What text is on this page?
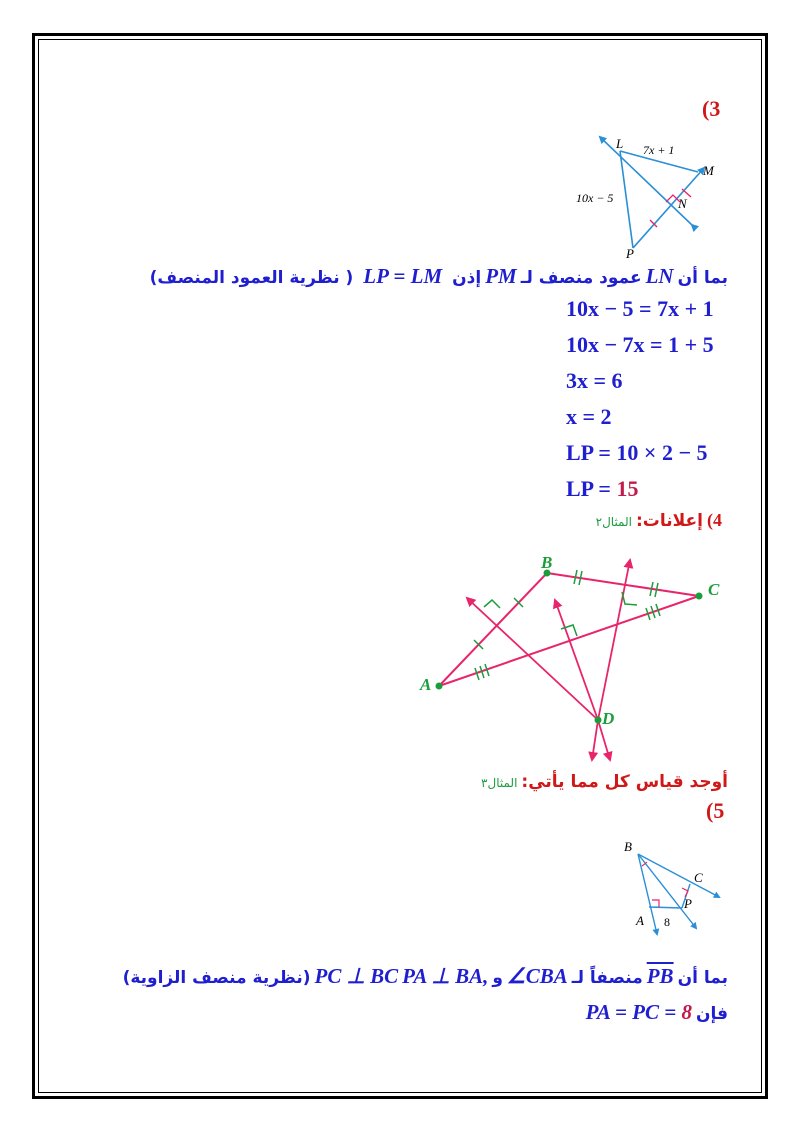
(3
L 7x + 1
M
N
10x − 5
P
بما أن LN عمود منصف لـ PM إذن LP = LM ( نظرية العمود المنصف)
10x − 5 = 7x + 1
10x − 7x = 1 + 5
3x = 6
x = 2
LP = 10 × 2 − 5
LP = 15
4) إعلانات: المثال٢
A
B
C
D
أوجد قياس كل مما يأتي: المثال٣
(5
B
C
P
A 8
بما أن PB منصفاً لـ ∠CBA و PA ⊥ BA, PC ⊥ BC (نظرية منصف الزاوية)
فإن PA = PC = 8
